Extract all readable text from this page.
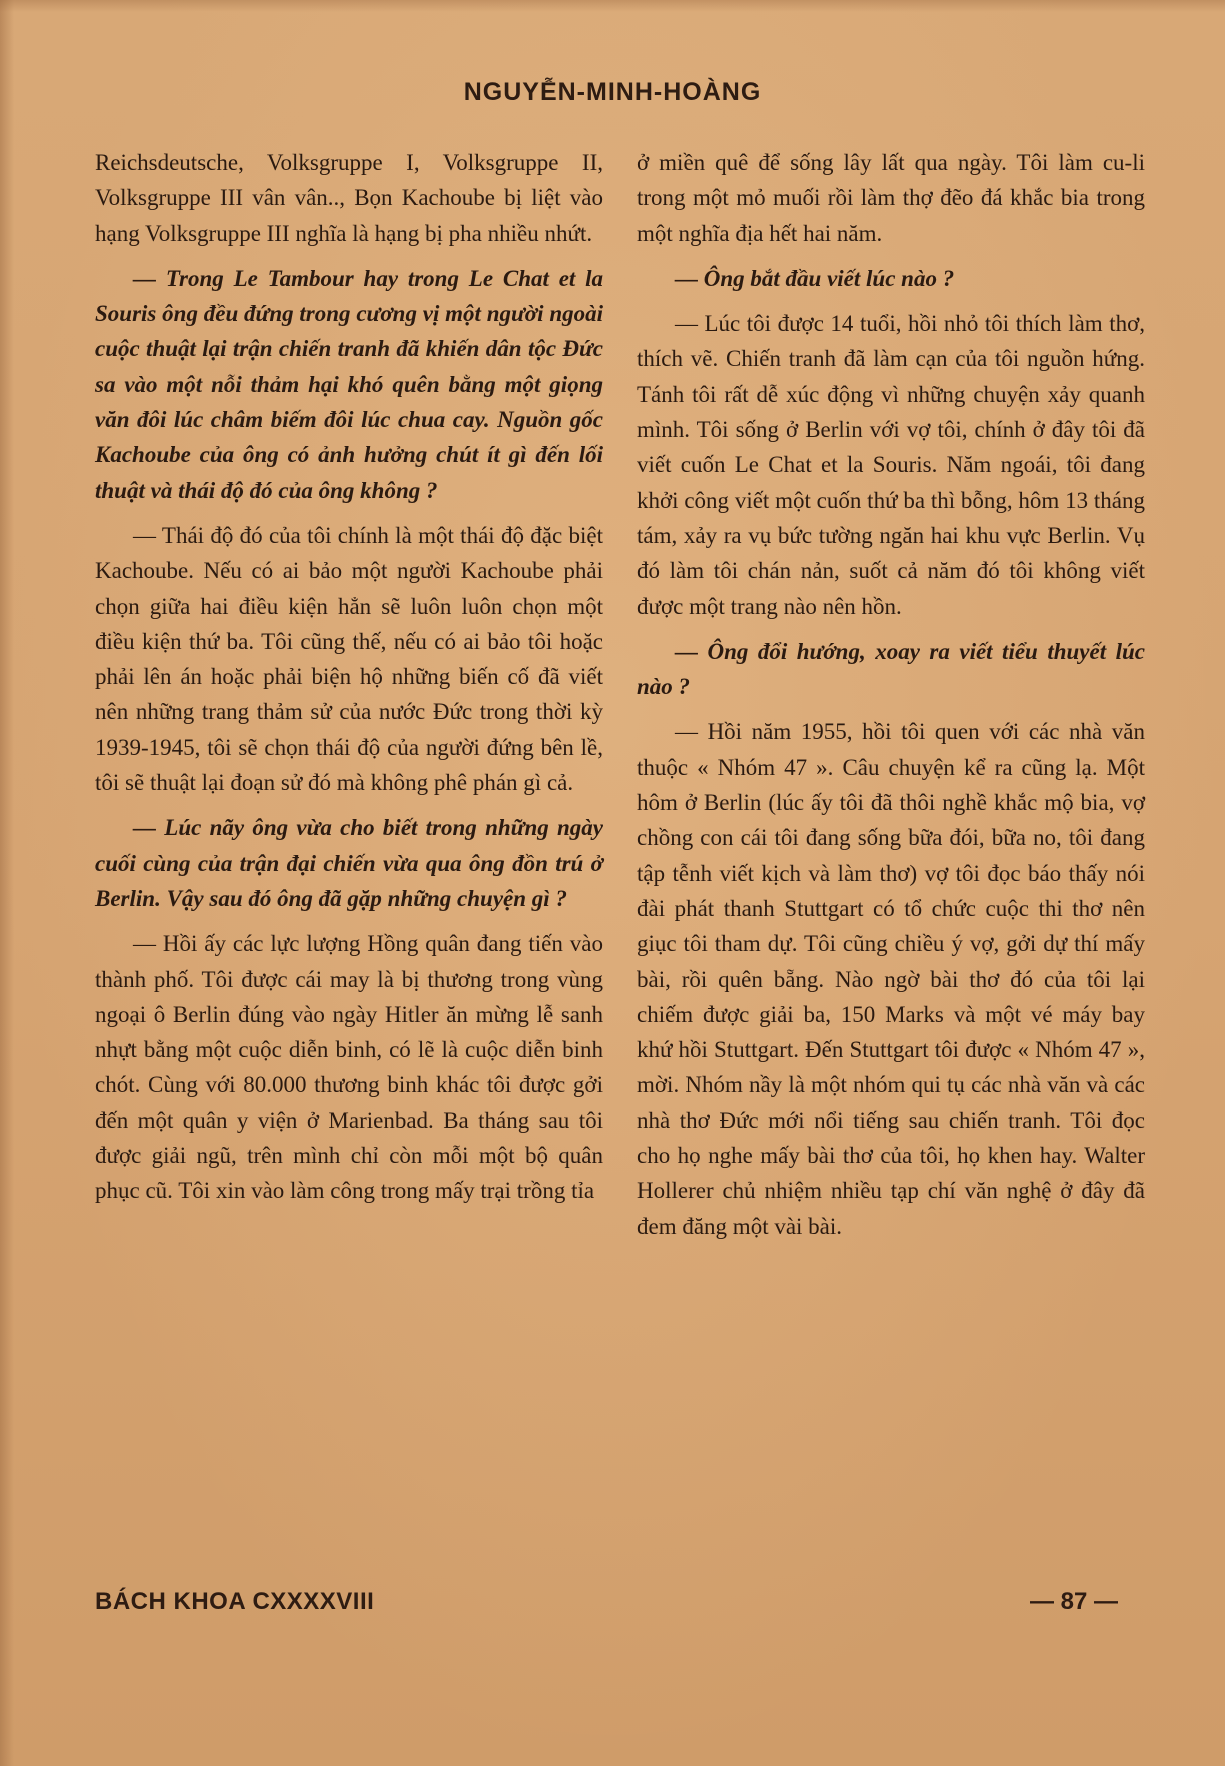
NGUYỄN-MINH-HOÀNG

Reichsdeutsche, Volksgruppe I, Volksgruppe II, Volksgruppe III vân vân.., Bọn Kachoube bị liệt vào hạng Volksgruppe III nghĩa là hạng bị pha nhiều nhứt.

— Trong Le Tambour hay trong Le Chat et la Souris ông đều đứng trong cương vị một người ngoài cuộc thuật lại trận chiến tranh đã khiến dân tộc Đức sa vào một nỗi thảm hại khó quên bằng một giọng văn đôi lúc châm biếm đôi lúc chua cay. Nguồn gốc Kachoube của ông có ảnh hưởng chút ít gì đến lối thuật và thái độ đó của ông không ?

— Thái độ đó của tôi chính là một thái độ đặc biệt Kachoube. Nếu có ai bảo một người Kachoube phải chọn giữa hai điều kiện hẳn sẽ luôn luôn chọn một điều kiện thứ ba. Tôi cũng thế, nếu có ai bảo tôi hoặc phải lên án hoặc phải biện hộ những biến cố đã viết nên những trang thảm sử của nước Đức trong thời kỳ 1939-1945, tôi sẽ chọn thái độ của người đứng bên lề, tôi sẽ thuật lại đoạn sử đó mà không phê phán gì cả.

— Lúc nãy ông vừa cho biết trong những ngày cuối cùng của trận đại chiến vừa qua ông đồn trú ở Berlin. Vậy sau đó ông đã gặp những chuyện gì ?

— Hồi ấy các lực lượng Hồng quân đang tiến vào thành phố. Tôi được cái may là bị thương trong vùng ngoại ô Berlin đúng vào ngày Hitler ăn mừng lễ sanh nhựt bằng một cuộc diễn binh, có lẽ là cuộc diễn binh chót. Cùng với 80.000 thương binh khác tôi được gởi đến một quân y viện ở Marienbad. Ba tháng sau tôi được giải ngũ, trên mình chỉ còn mỗi một bộ quân phục cũ. Tôi xin vào làm công trong mấy trại trồng tỉa

ở miền quê để sống lây lất qua ngày. Tôi làm cu-li trong một mỏ muối rồi làm thợ đẽo đá khắc bia trong một nghĩa địa hết hai năm.

— Ông bắt đầu viết lúc nào ?

— Lúc tôi được 14 tuổi, hồi nhỏ tôi thích làm thơ, thích vẽ. Chiến tranh đã làm cạn của tôi nguồn hứng. Tánh tôi rất dễ xúc động vì những chuyện xảy quanh mình. Tôi sống ở Berlin với vợ tôi, chính ở đây tôi đã viết cuốn Le Chat et la Souris. Năm ngoái, tôi đang khởi công viết một cuốn thứ ba thì bỗng, hôm 13 tháng tám, xảy ra vụ bức tường ngăn hai khu vực Berlin. Vụ đó làm tôi chán nản, suốt cả năm đó tôi không viết được một trang nào nên hồn.

— Ông đổi hướng, xoay ra viết tiểu thuyết lúc nào ?

— Hồi năm 1955, hồi tôi quen với các nhà văn thuộc « Nhóm 47 ». Câu chuyện kể ra cũng lạ. Một hôm ở Berlin (lúc ấy tôi đã thôi nghề khắc mộ bia, vợ chồng con cái tôi đang sống bữa đói, bữa no, tôi đang tập tễnh viết kịch và làm thơ) vợ tôi đọc báo thấy nói đài phát thanh Stuttgart có tổ chức cuộc thi thơ nên giục tôi tham dự. Tôi cũng chiều ý vợ, gởi dự thí mấy bài, rồi quên bẵng. Nào ngờ bài thơ đó của tôi lại chiếm được giải ba, 150 Marks và một vé máy bay khứ hồi Stuttgart. Đến Stuttgart tôi được « Nhóm 47 », mời. Nhóm nầy là một nhóm qui tụ các nhà văn và các nhà thơ Đức mới nổi tiếng sau chiến tranh. Tôi đọc cho họ nghe mấy bài thơ của tôi, họ khen hay. Walter Hollerer chủ nhiệm nhiều tạp chí văn nghệ ở đây đã đem đăng một vài bài.

BÁCH KHOA CXXXXVIII	— 87 —
